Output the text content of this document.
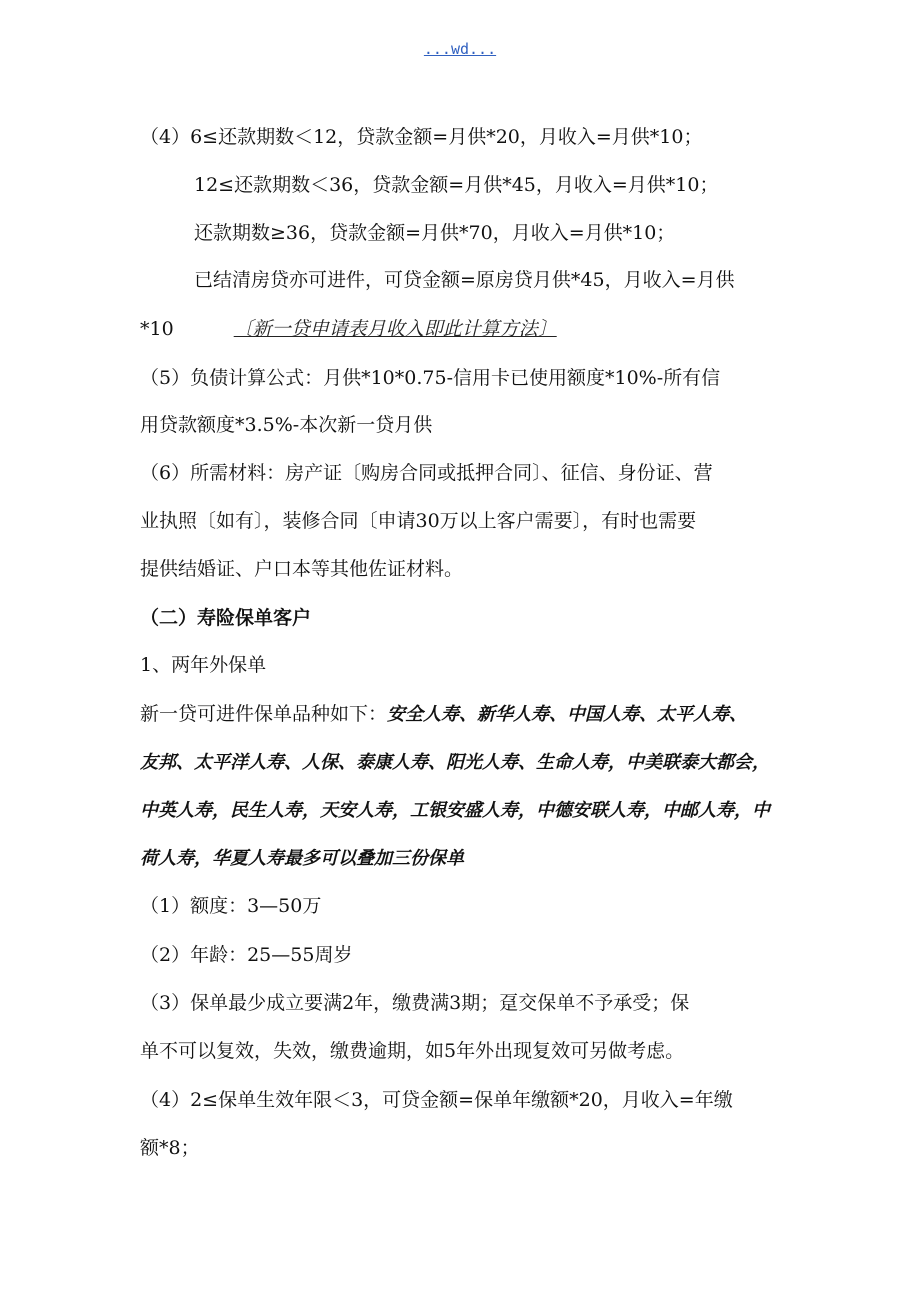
...wd...
（4）6≤还款期数＜12，贷款金额=月供*20，月收入=月供*10；
12≤还款期数＜36，贷款金额=月供*45，月收入=月供*10；
还款期数≥36，贷款金额=月供*70，月收入=月供*10；
已结清房贷亦可进件，可贷金额=原房贷月供*45，月收入=月供
*10	〔新一贷申请表月收入即此计算方法〕
（5）负债计算公式：月供*10*0.75-信用卡已使用额度*10%-所有信
用贷款额度*3.5%-本次新一贷月供
（6）所需材料：房产证〔购房合同或抵押合同〕、征信、身份证、营
业执照〔如有〕，装修合同〔申请30万以上客户需要〕，有时也需要
提供结婚证、户口本等其他佐证材料。
（二）寿险保单客户
1、两年外保单
新一贷可进件保单品种如下：安全人寿、新华人寿、中国人寿、太平人寿、
友邦、太平洋人寿、人保、泰康人寿、阳光人寿、生命人寿，中美联泰大都会，
中英人寿，民生人寿，天安人寿，工银安盛人寿，中德安联人寿，中邮人寿，中
荷人寿，华夏人寿最多可以叠加三份保单
（1）额度：3—50万
（2）年龄：25—55周岁
（3）保单最少成立要满2年，缴费满3期；趸交保单不予承受；保
单不可以复效，失效，缴费逾期，如5年外出现复效可另做考虑。
（4）2≤保单生效年限＜3，可贷金额=保单年缴额*20，月收入=年缴
额*8；
